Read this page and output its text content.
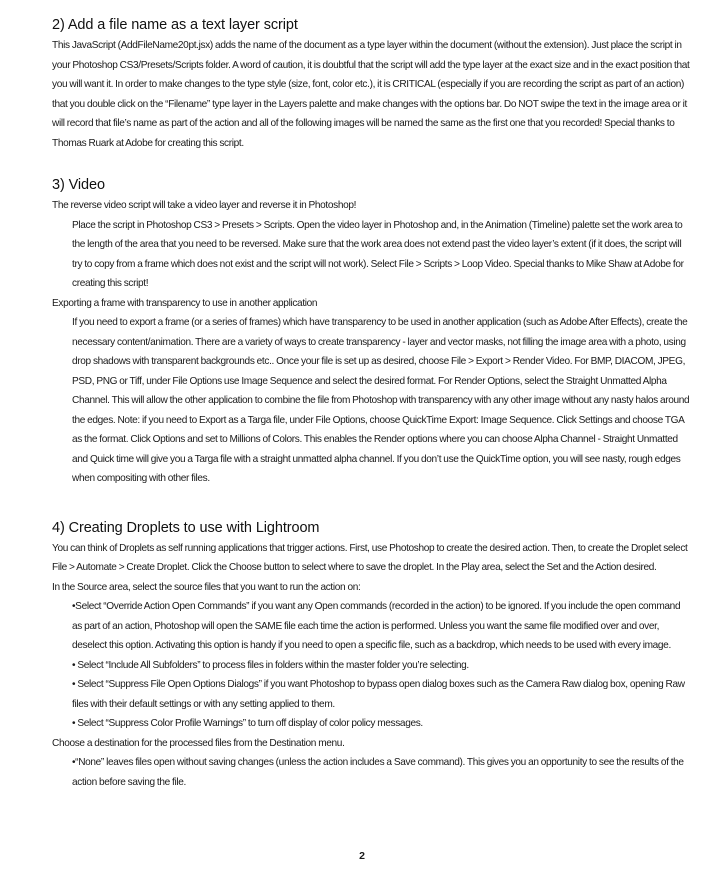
2) Add a file name as a text layer script

This JavaScript (AddFileName20pt.jsx) adds the name of the document as a type layer within the document (without the extension). Just place the script in your Photoshop CS3/Presets/Scripts folder. A word of caution, it is doubtful that the script will add the type layer at the exact size and in the exact position that you will want it. In order to make changes to the type style (size, font, color etc.), it is CRITICAL (especially if you are recording the script as part of an action) that you double click on the “Filename” type layer in the Layers palette and make changes with the options bar. Do NOT swipe the text in the image area or it will record that file’s name as part of the action and all of the following images will be named the same as the first one that you recorded! Special thanks to Thomas Ruark at Adobe for creating this script.

3) Video

The reverse video script will take a video layer and reverse it in Photoshop!

Place the script in Photoshop CS3 > Presets > Scripts. Open the video layer in Photoshop and, in the Animation (Timeline) palette set the work area to the length of the area that you need to be reversed. Make sure that the work area does not extend past the video layer’s extent (if it does, the script will try to copy from a frame which does not exist and the script will not work). Select File > Scripts > Loop Video. Special thanks to Mike Shaw at Adobe for creating this script!

Exporting a frame with transparency to use in another application

If you need to export a frame (or a series of frames) which have transparency to be used in another application (such as Adobe After Effects), create the necessary content/animation. There are a variety of ways to create transparency - layer and vector masks, not filling the image area with a photo, using drop shadows with transparent backgrounds etc.. Once your file is set up as desired, choose File > Export > Render Video. For BMP, DIACOM, JPEG, PSD, PNG or Tiff, under File Options use Image Sequence and select the desired format. For Render Options, select the Straight Unmatted Alpha Channel. This will allow the other application to combine the file from Photoshop with transparency with any other image without any nasty halos around the edges. Note: if you need to Export as a Targa file, under File Options, choose QuickTime Export: Image Sequence. Click Settings and choose TGA as the format. Click Options and set to Millions of Colors. This enables the Render options where you can choose Alpha Channel - Straight Unmatted and Quick time will give you a Targa file with a straight unmatted alpha channel. If you don’t use the QuickTime option, you will see nasty, rough edges when compositing with other files.

4) Creating Droplets to use with Lightroom

You can think of Droplets as self running applications that trigger actions. First, use Photoshop to create the desired action. Then, to create the Droplet select File > Automate > Create Droplet. Click the Choose button to select where to save the droplet. In the Play area, select the Set and the Action desired.

In the Source area, select the source files that you want to run the action on:

•Select “Override Action Open Commands” if you want any Open commands (recorded in the action) to be ignored. If you include the open command as part of an action, Photoshop will open the SAME file each time the action is performed. Unless you want the same file modified over and over, deselect this option. Activating this option is handy if you need to open a specific file, such as a backdrop, which needs to be used with every image.

• Select “Include All Subfolders” to process files in folders within the master folder you’re selecting.

• Select “Suppress File Open Options Dialogs” if you want Photoshop to bypass open dialog boxes such as the Camera Raw dialog box, opening Raw files with their default settings or with any setting applied to them.

• Select “Suppress Color Profile Warnings” to turn off display of color policy messages.

Choose a destination for the processed files from the Destination menu.

•“None” leaves files open without saving changes (unless the action includes a Save command). This gives you an opportunity to see the results of the action before saving the file.

2
